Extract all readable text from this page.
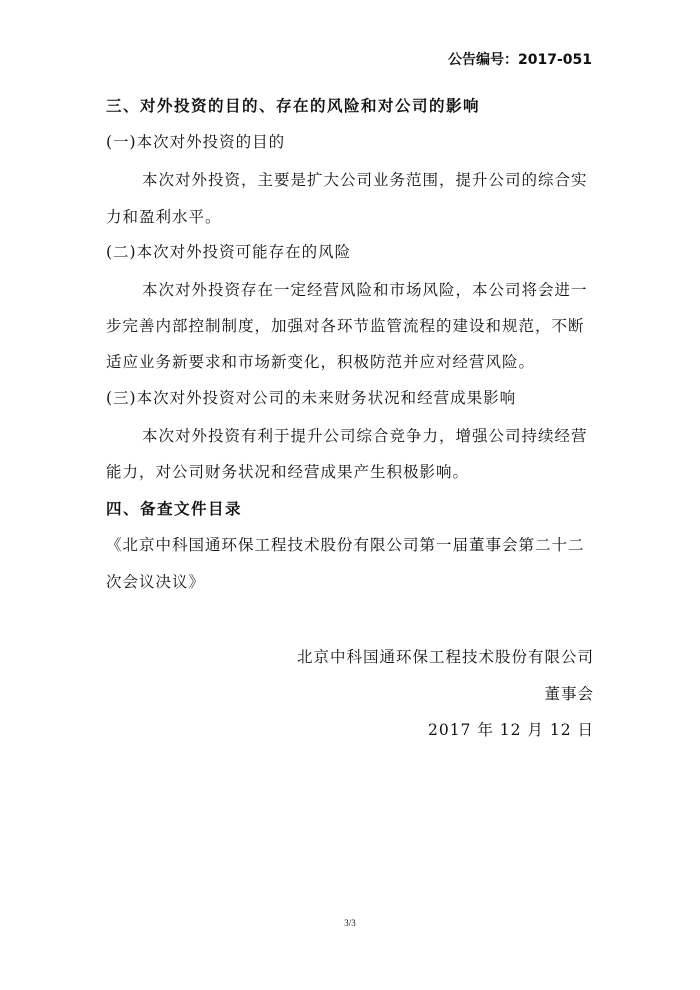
公告编号：2017-051
三、对外投资的目的、存在的风险和对公司的影响
(一)本次对外投资的目的
本次对外投资，主要是扩大公司业务范围，提升公司的综合实
力和盈利水平。
(二)本次对外投资可能存在的风险
本次对外投资存在一定经营风险和市场风险，本公司将会进一
步完善内部控制制度，加强对各环节监管流程的建设和规范，不断
适应业务新要求和市场新变化，积极防范并应对经营风险。
(三)本次对外投资对公司的未来财务状况和经营成果影响
本次对外投资有利于提升公司综合竞争力，增强公司持续经营
能力，对公司财务状况和经营成果产生积极影响。
四、备查文件目录
《北京中科国通环保工程技术股份有限公司第一届董事会第二十二
次会议决议》
北京中科国通环保工程技术股份有限公司
董事会
2017 年 12 月 12 日
3/3
